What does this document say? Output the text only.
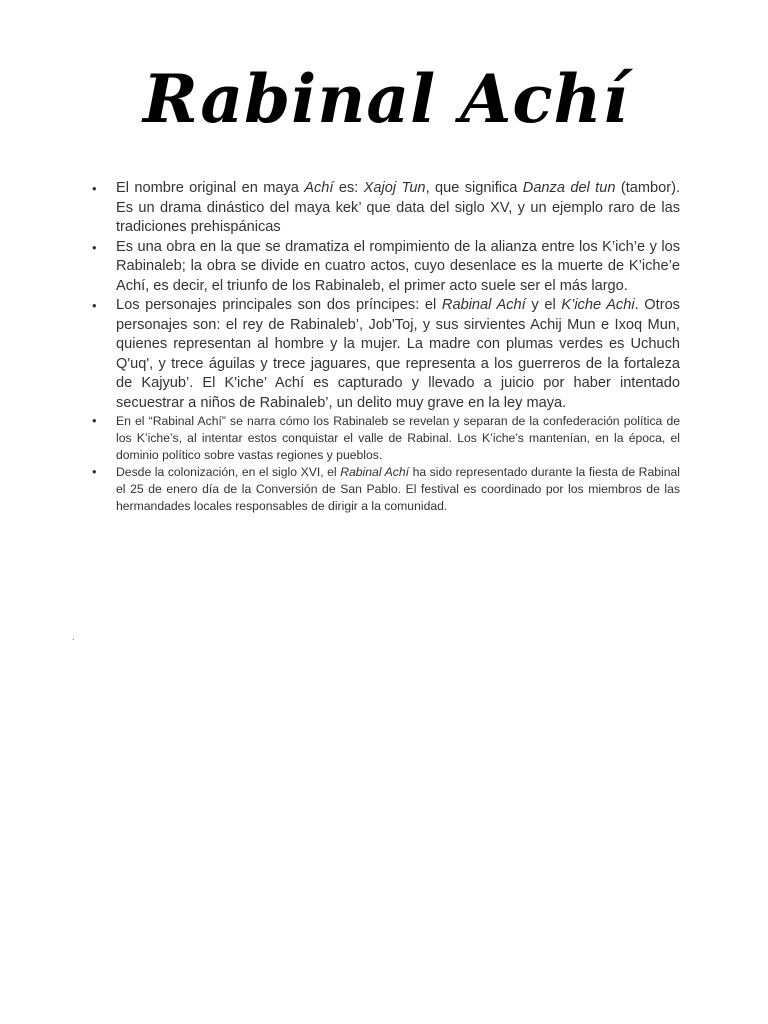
Rabinal Achí
• El nombre original en maya Achí es: Xajoj Tun, que significa Danza del tun (tambor). Es un drama dinástico del maya kek’ que data del siglo XV, y un ejemplo raro de las tradiciones prehispánicas
• Es una obra en la que se dramatiza el rompimiento de la alianza entre los K’ich’e y los Rabinaleb; la obra se divide en cuatro actos, cuyo desenlace es la muerte de K’iche’e Achí, es decir, el triunfo de los Rabinaleb, el primer acto suele ser el más largo.
• Los personajes principales son dos príncipes: el Rabinal Achí y el K’iche Achi. Otros personajes son: el rey de Rabinaleb’, Job'Toj, y sus sirvientes Achij Mun e Ixoq Mun, quienes representan al hombre y la mujer. La madre con plumas verdes es Uchuch Q'uq', y trece águilas y trece jaguares, que representa a los guerreros de la fortaleza de Kajyub’. El K'iche’ Achí es capturado y llevado a juicio por haber intentado secuestrar a niños de Rabinaleb’, un delito muy grave en la ley maya.
• En el “Rabinal Achí” se narra cómo los Rabinaleb se revelan y separan de la confederación política de los K’iche’s, al intentar estos conquistar el valle de Rabinal. Los K’iche’s mantenían, en la época, el dominio político sobre vastas regiones y pueblos.
• Desde la colonización, en el siglo XVI, el Rabinal Achí ha sido representado durante la fiesta de Rabinal el 25 de enero día de la Conversión de San Pablo. El festival es coordinado por los miembros de las hermandades locales responsables de dirigir a la comunidad.
.
